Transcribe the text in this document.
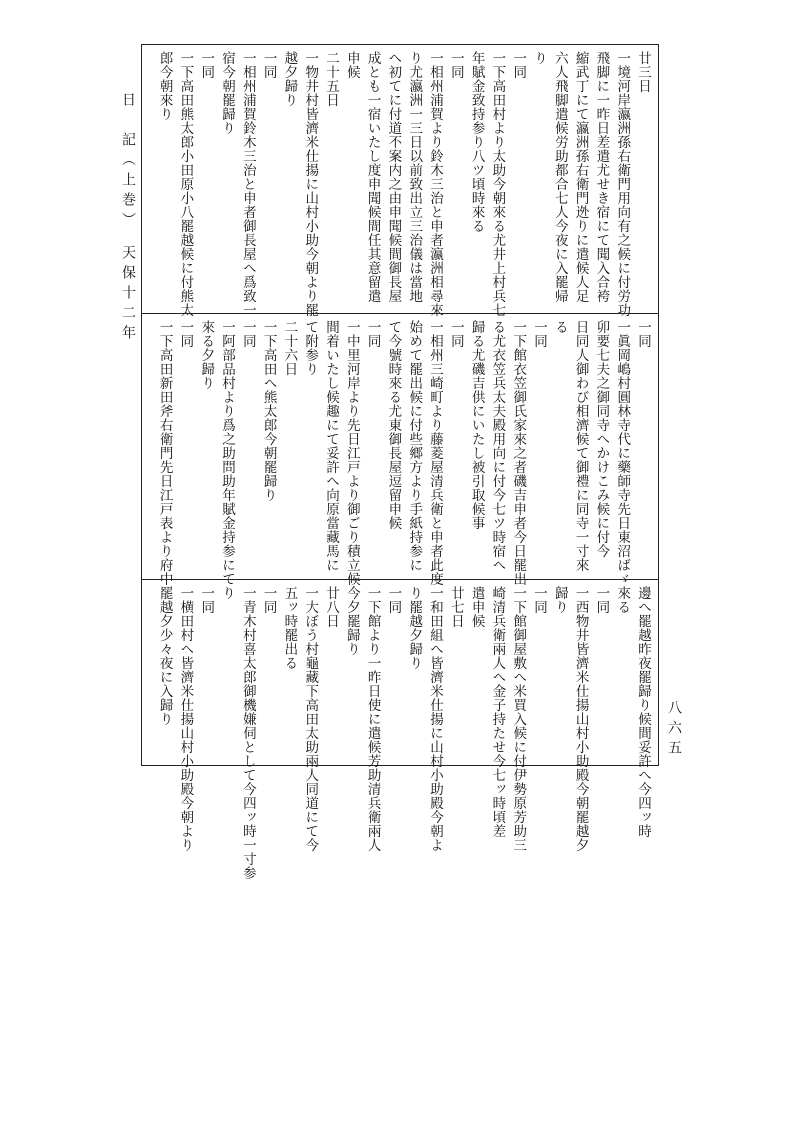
日　記（上巻）　天保十二年
八六五
廿三日
一境河岸瀛洲孫右衛門用向有之候に付労功
飛脚に一昨日差遣尤せき宿にて聞入合袴
縮武丁にて瀛洲孫右衛門迯りに遣候人足
六人飛脚遣候労助都合七人今夜に入罷帰
り
一同
一下高田村より太助今朝來る尤井上村兵七
年賦金致持参り八ツ頃時來る
一同
一相州浦賀より鈴木三治と申者瀛洲相尋來
り尤瀛洲一三日以前致出立三治儀は當地
へ初てに付道不案内之由申聞候間御長屋
成とも一宿いたし度申聞候間任其意留遣
申候
二十五日
一物井村皆濟米仕揚に山村小助今朝より罷
越夕歸り
一同
一相州浦賀鈴木三治と申者御長屋へ爲致一
宿今朝罷歸り
一同
一下高田熊太郎小田原小八罷越候に付熊太
郎今朝來り
一同
一眞岡嶋村圓林寺代に藥師寺先日東沼ばゞ
卯要七夫之御同寺へかけこみ候に付今
日同人御わび相濟候て御禮に同寺一寸來
る
一同
一下館衣笠御氏家來之者磯吉申者今日罷出
る尤衣笠兵太夫殿用向に付今七ツ時宿へ
歸る尤磯吉供にいたし被引取候事
一同
一相州三崎町より藤菱屋清兵衛と申者此度
始めて罷出候に付些鄉方より手紙持参に
て今號時來る尤東御長屋逗留申候
一同
一中里河岸より先日江戸より御ごり積立候
間着いたし候趣にて妥許へ向原當藏馬に
て附参り
二十六日
一下高田へ熊太郎今朝罷歸り
一同
一阿部品村より爲之助問助年賦金持参にて
來る夕歸り
一同
一下高田新田斧右衛門先日江戸表より府中
邊へ罷越昨夜罷歸り候間妥許へ今四ッ時
來る
一同
一西物井皆濟米仕揚山村小助殿今朝罷越夕
歸り
一同
一下館御屋敷へ米買入候に付伊勢原芳助三
崎清兵衛兩人へ金子持たせ今七ッ時頃差
遣申候
廿七日
一和田組へ皆濟米仕揚に山村小助殿今朝よ
り罷越夕歸り
一同
一下館より一昨日使に遣候芳助清兵衛兩人
今夕罷歸り
廿八日
一大ぼう村龜藏下高田太助兩人同道にて今
五ッ時罷出る
一同
一青木村喜太郎御機嫌伺として今四ッ時一寸参
り
一同
一横田村へ皆濟米仕揚山村小助殿今朝より
罷越夕少々夜に入歸り
